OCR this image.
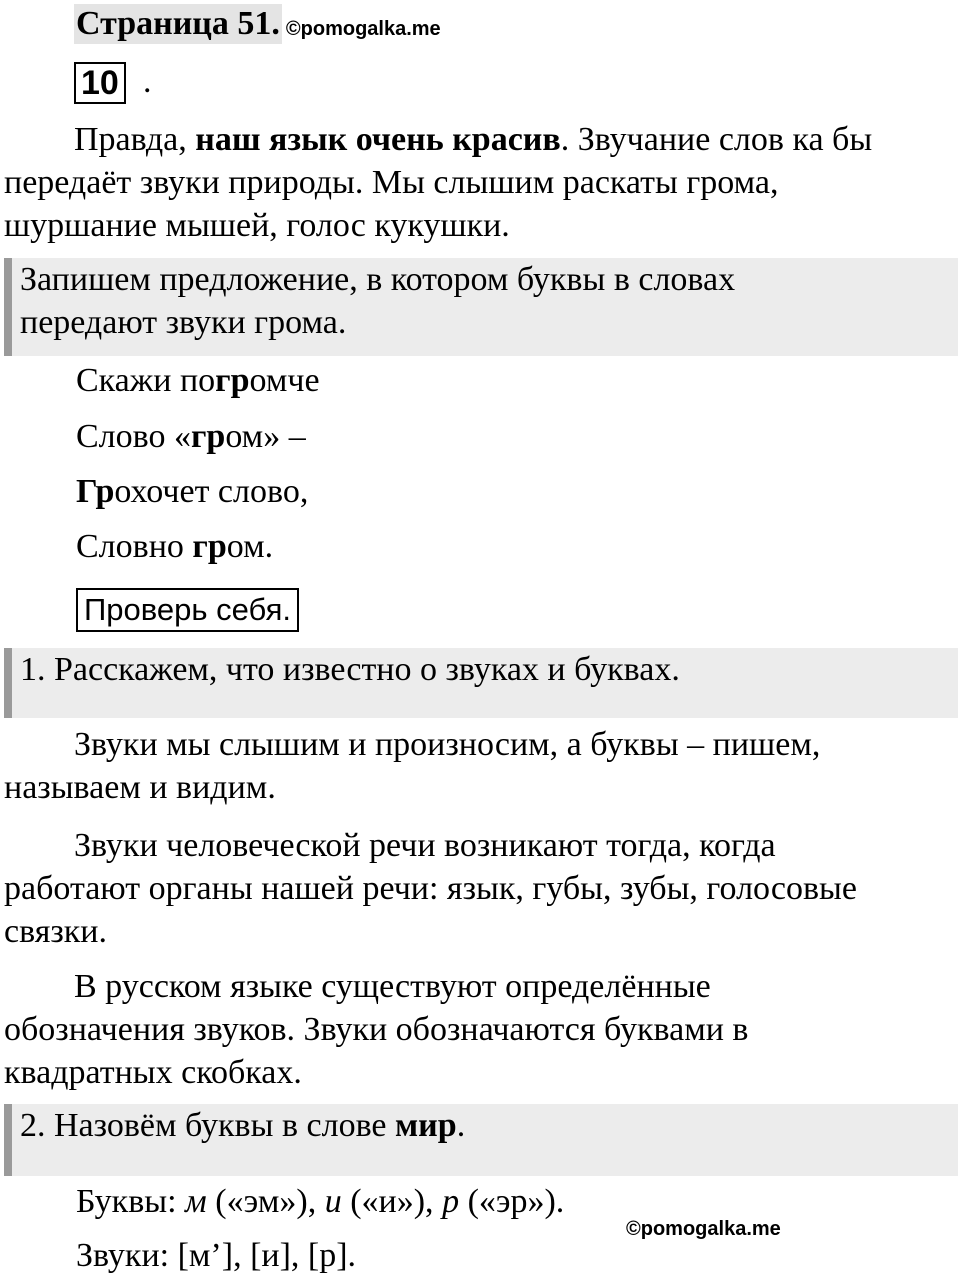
Страница 51. ©pomogalka.me
10 .

Правда, наш язык очень красив. Звучание слов ка бы
передаёт звуки природы. Мы слышим раскаты грома,
шуршание мышей, голос кукушки.

Запишем предложение, в котором буквы в словах
передают звуки грома.

Скажи погромче

Слово «гром» –

Грохочет слово,

Словно гром.

Проверь себя.
1. Расскажем, что известно о звуках и буквах.

Звуки мы слышим и произносим, а буквы – пишем,
называем и видим.

Звуки человеческой речи возникают тогда, когда
работают органы нашей речи: язык, губы, зубы, голосовые
связки.

В русском языке существуют определённые
обозначения звуков. Звуки обозначаются буквами в
квадратных скобках.

2. Назовём буквы в слове мир.

Буквы: м («эм»), и («и»), р («эр»).

©pomogalka.me

Звуки: [м’], [и], [р].
